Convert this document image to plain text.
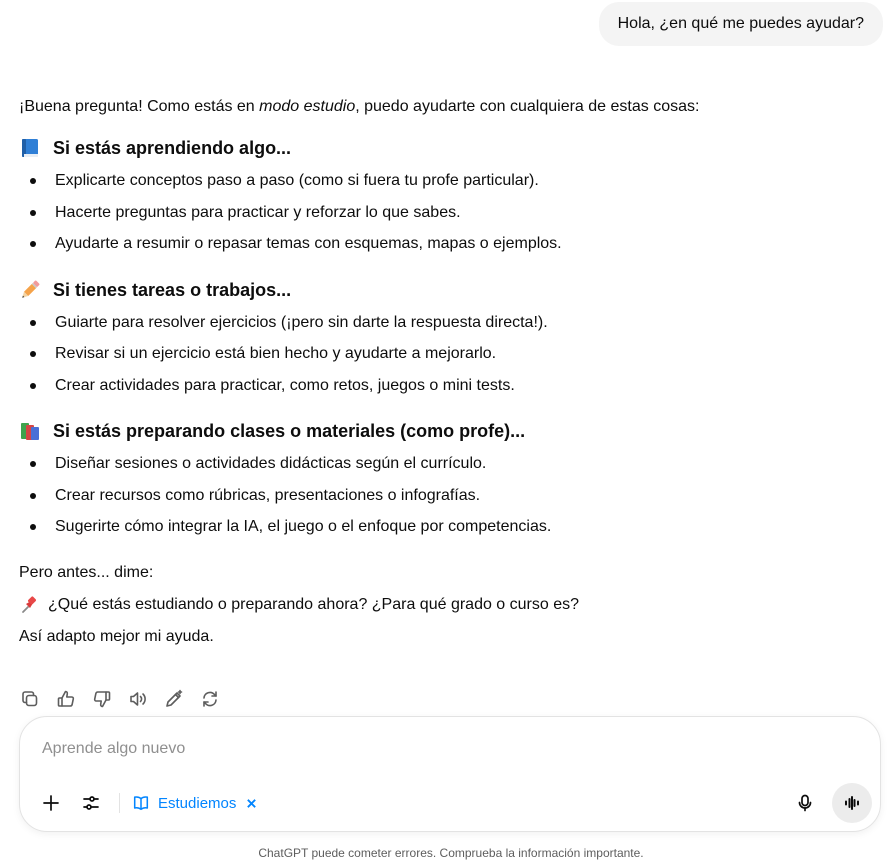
Hola, ¿en qué me puedes ayudar?

¡Buena pregunta! Como estás en modo estudio, puedo ayudarte con cualquiera de estas cosas:

Si estás aprendiendo algo...
Explicarte conceptos paso a paso (como si fuera tu profe particular).
Hacerte preguntas para practicar y reforzar lo que sabes.
Ayudarte a resumir o repasar temas con esquemas, mapas o ejemplos.
Si tienes tareas o trabajos...
Guiarte para resolver ejercicios (¡pero sin darte la respuesta directa!).
Revisar si un ejercicio está bien hecho y ayudarte a mejorarlo.
Crear actividades para practicar, como retos, juegos o mini tests.
Si estás preparando clases o materiales (como profe)...
Diseñar sesiones o actividades didácticas según el currículo.
Crear recursos como rúbricas, presentaciones o infografías.
Sugerirte cómo integrar la IA, el juego o el enfoque por competencias.

Pero antes... dime:

¿Qué estás estudiando o preparando ahora? ¿Para qué grado o curso es?

Así adapto mejor mi ayuda.

Aprende algo nuevo
Estudiemos
ChatGPT puede cometer errores. Comprueba la información importante.
